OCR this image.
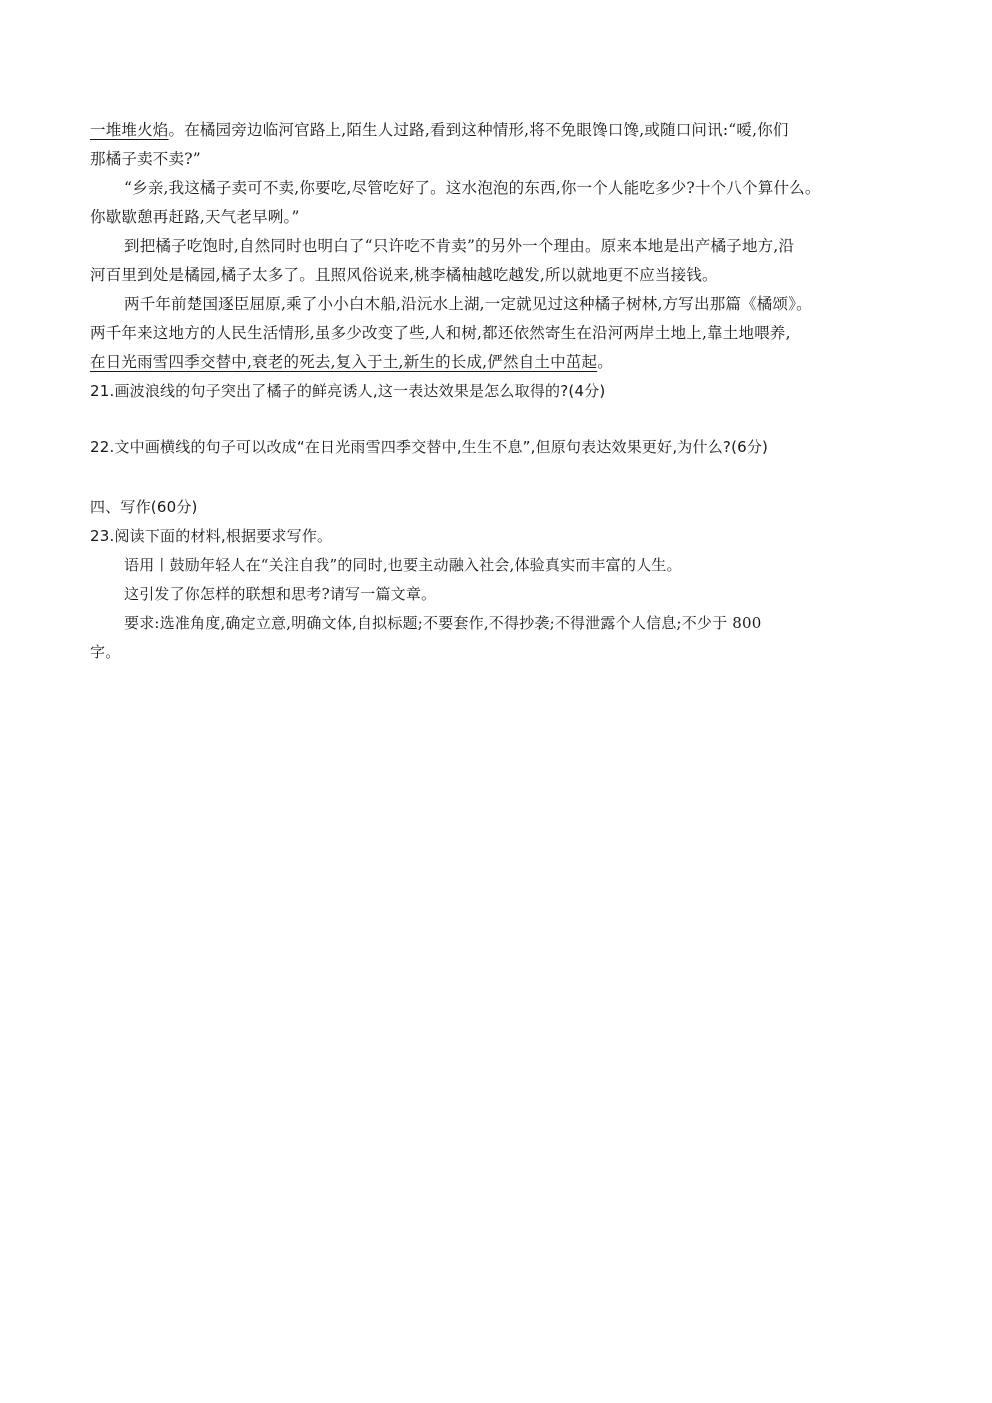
一堆堆火焰。在橘园旁边临河官路上,陌生人过路,看到这种情形,将不免眼馋口馋,或随口问讯:“嗳,你们
那橘子卖不卖?”
“乡亲,我这橘子卖可不卖,你要吃,尽管吃好了。这水泡泡的东西,你一个人能吃多少?十个八个算什么。
你歇歇憩再赶路,天气老早咧。”
到把橘子吃饱时,自然同时也明白了“只许吃不肯卖”的另外一个理由。原来本地是出产橘子地方,沿
河百里到处是橘园,橘子太多了。且照风俗说来,桃李橘柚越吃越发,所以就地更不应当接钱。
两千年前楚国逐臣屈原,乘了小小白木船,沿沅水上湖,一定就见过这种橘子树林,方写出那篇《橘颂》。
两千年来这地方的人民生活情形,虽多少改变了些,人和树,都还依然寄生在沿河两岸土地上,靠土地喂养,
在日光雨雪四季交替中,衰老的死去,复入于土,新生的长成,俨然自土中茁起。
21.画波浪线的句子突出了橘子的鲜亮诱人,这一表达效果是怎么取得的?(4分)
22.文中画横线的句子可以改成“在日光雨雪四季交替中,生生不息”,但原句表达效果更好,为什么?(6分)
四、写作(60分)
23.阅读下面的材料,根据要求写作。
语用丨鼓励年轻人在“关注自我”的同时,也要主动融入社会,体验真实而丰富的人生。
这引发了你怎样的联想和思考?请写一篇文章。
要求:选准角度,确定立意,明确文体,自拟标题;不要套作,不得抄袭;不得泄露个人信息;不少于 800
字。
